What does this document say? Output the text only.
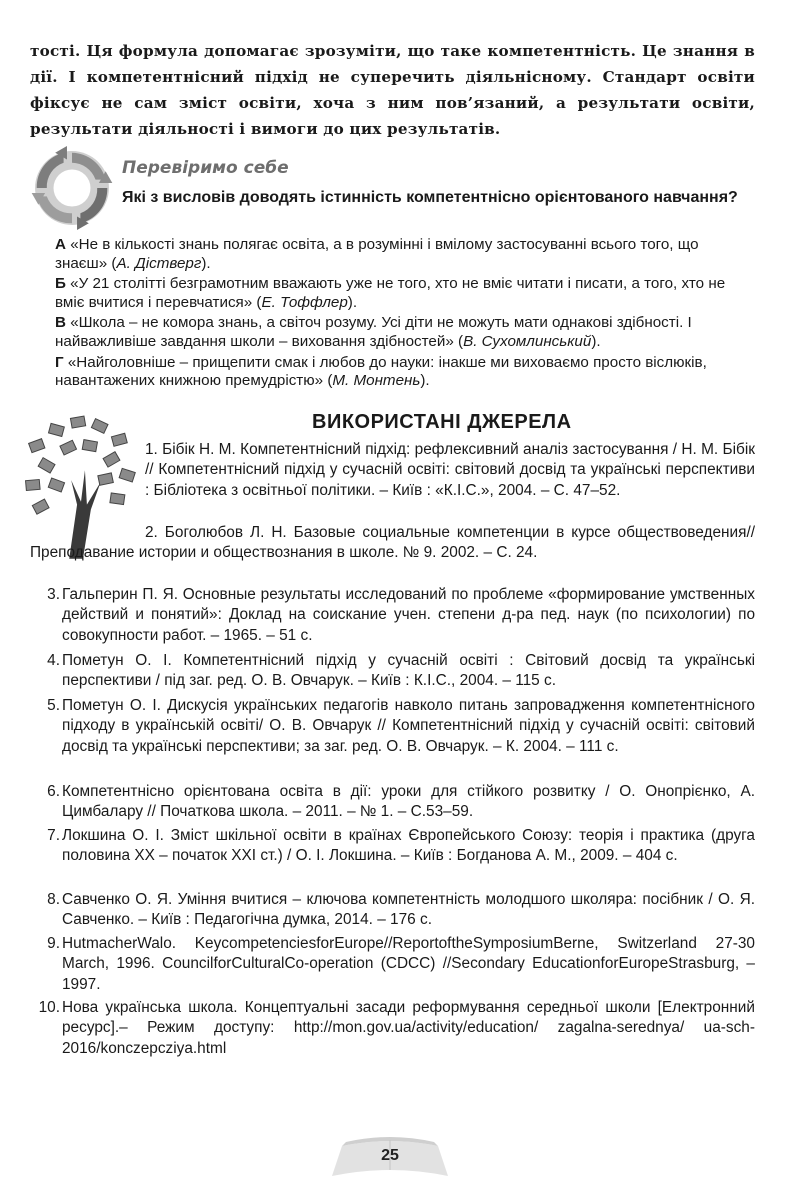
тості. Ця формула допомагає зрозуміти, що таке компетентність. Це знання в дії. І компетентнісний підхід не суперечить діяльнісному. Стандарт освіти фіксує не сам зміст освіти, хоча з ним пов’язаний, а результати освіти, результати діяльності і вимоги до цих результатів.

Перевіримо себе
Які з висловів доводять істинність компетентнісно орієнтованого навчання?

А «Не в кількості знань полягає освіта, а в розумінні і вмілому застосуванні всього того, що знаєш» (А. Дістверг).

Б «У 21 столітті безграмотним вважають уже не того, хто не вміє читати і писати, а того, хто не вміє вчитися і перевчатися» (Е. Тоффлер).

В «Школа – не комора знань, а світоч розуму. Усі діти не можуть мати однакові здібності. І найважливіше завдання школи – виховання здібностей» (В. Сухомлинський).

Г «Найголовніше – прищепити смак і любов до науки: інакше ми виховаємо просто віслюків, навантажених книжною премудрістю» (М. Монтень).

ВИКОРИСТАНІ ДЖЕРЕЛА

1. Бібік Н. М. Компетентнісний підхід: рефлексивний аналіз застосування / Н. М. Бібік // Компетентнісний підхід у сучасній освіті: світовий досвід та українські перспективи : Бібліотека з освітньої політики. – Київ : «К.І.С.», 2004. – С. 47–52.

2. Боголюбов Л. Н. Базовые социальные компетенции в курсе обществоведения//Преподавание истории и обществознания в школе. № 9. 2002. – С. 24.

3. Гальперин П. Я. Основные результаты исследований по проблеме «формирование умственных действий и понятий»: Доклад на соискание учен. степени д-ра пед. наук (по психологии) по совокупности работ. – 1965. – 51 с.

4. Пометун О. І. Компетентнісний підхід у сучасній освіті : Світовий досвід та українські перспективи / під заг. ред. О. В. Овчарук. – Київ : К.І.С., 2004. – 115 с.

5. Пометун О. І. Дискусія українських педагогів навколо питань запровадження компетентнісного підходу в українській освіті/ О. В. Овчарук // Компетентнісний підхід у сучасній освіті: світовий досвід та українські перспективи; за заг. ред. О. В. Овчарук. – К. 2004. – 111 с.

6. Компетентнісно орієнтована освіта в дії: уроки для стійкого розвитку / О. Онопрієнко, А. Цимбалару // Початкова школа. – 2011. – № 1. – С.53–59.

7. Локшина О. І. Зміст шкільної освіти в країнах Європейського Союзу: теорія і практика (друга половина XX – початок XXI ст.) / О. І. Локшина. – Київ : Богданова А. М., 2009. – 404 с.

8. Савченко О. Я. Уміння вчитися – ключова компетентність молодшого школяра: посібник / О. Я. Савченко. – Київ : Педагогічна думка, 2014. – 176 с.

9. HutmacherWalo. KeycompetenciesforEurope//ReportoftheSymposiumBerne, Switzerland 27-30 March, 1996. CouncilforCulturalCo-operation (CDCC) //Secondary EducationforEuropeStrasburg, –1997.

10. Нова українська школа. Концептуальні засади реформування середньої школи [Електронний ресурс].– Режим доступу: http://mon.gov.ua/activity/education/ zagalna-serednya/ ua-sch-2016/konczepcziya.html

25
